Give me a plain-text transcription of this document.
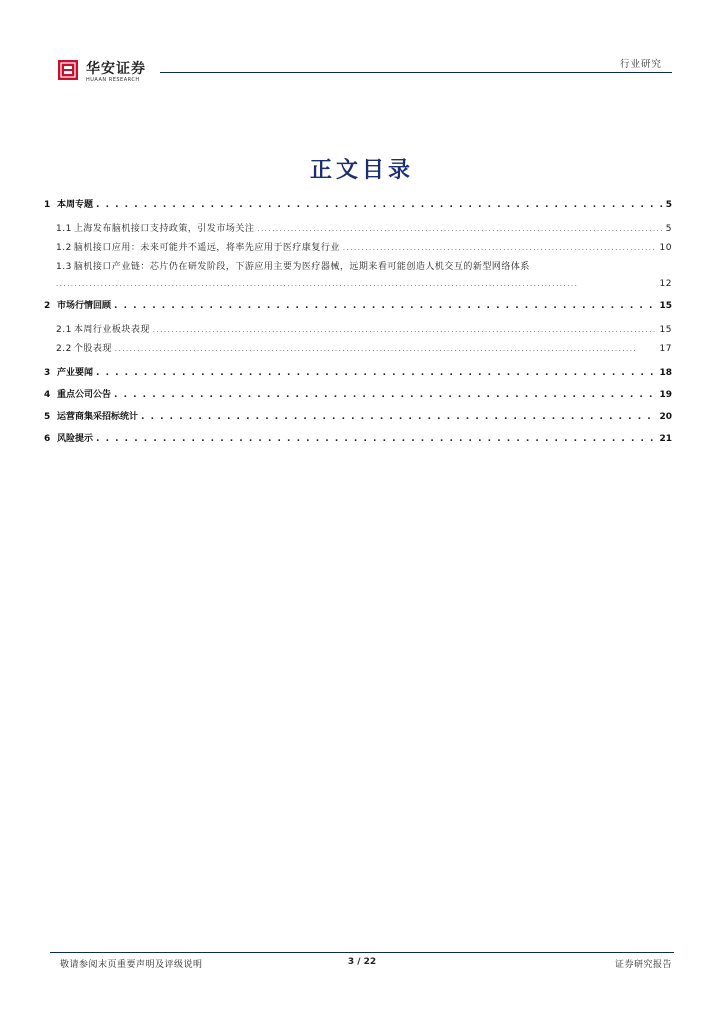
华安证券
HUAAN RESEARCH
行业研究
正文目录
1 本周专题 . . .	5
1.1 上海发布脑机接口支持政策，引发市场关注 . . .	5
1.2 脑机接口应用：未来可能并不遥远，将率先应用于医疗康复行业 . . .	10
1.3 脑机接口产业链：芯片仍在研发阶段，下游应用主要为医疗器械，远期来看可能创造人机交互的新型网络体系
. . .
12
2 市场行情回顾 . . .	15
2.1 本周行业板块表现 . . .	15
2.2 个股表现 . . .	17
3 产业要闻 . . .	18
4 重点公司公告 . . .	19
5 运营商集采招标统计 . . .	20
6 风险提示 . . .	21
敬请参阅末页重要声明及评级说明	3 / 22	证券研究报告
